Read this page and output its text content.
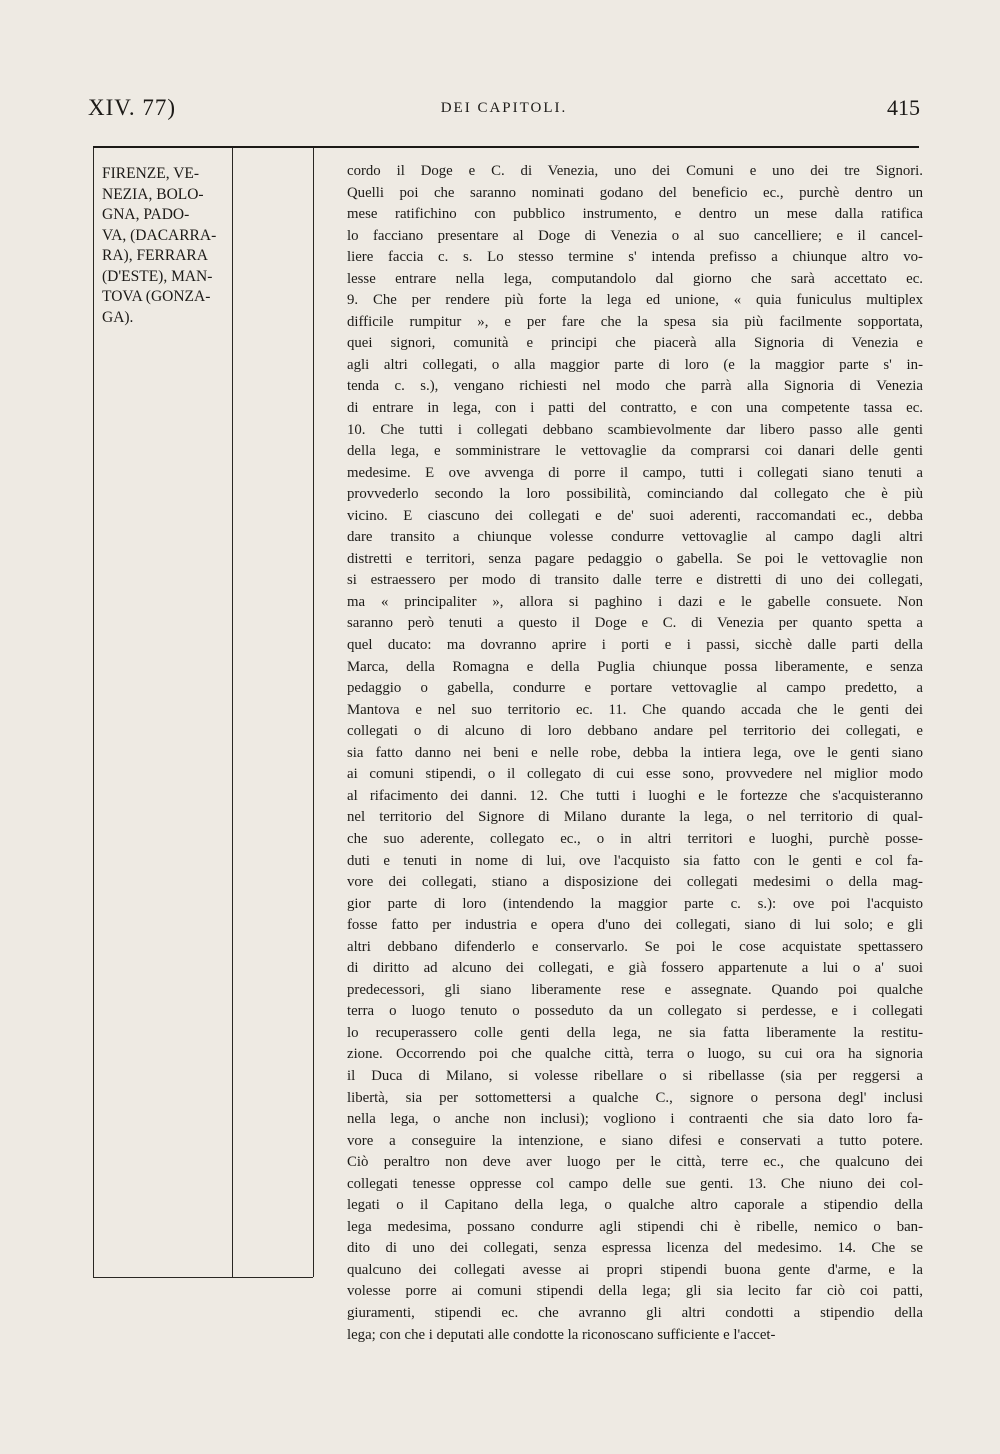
XIV. 77)	DEI CAPITOLI.	415

FIRENZE, VE-
NEZIA, BOLO-
GNA, PADO-
VA, (DACARRA-
RA), FERRARA
(D'ESTE), MAN-
TOVA (GONZA-
GA).

cordo il Doge e C. di Venezia, uno dei Comuni e uno dei tre Signori.
Quelli poi che saranno nominati godano del beneficio ec., purchè dentro un
mese ratifichino con pubblico instrumento, e dentro un mese dalla ratifica
lo facciano presentare al Doge di Venezia o al suo cancelliere; e il cancel-
liere faccia c. s. Lo stesso termine s' intenda prefisso a chiunque altro vo-
lesse entrare nella lega, computandolo dal giorno che sarà accettato ec.
9. Che per rendere più forte la lega ed unione, « quia funiculus multiplex
difficile rumpitur », e per fare che la spesa sia più facilmente sopportata,
quei signori, comunità e principi che piacerà alla Signoria di Venezia e
agli altri collegati, o alla maggior parte di loro (e la maggior parte s' in-
tenda c. s.), vengano richiesti nel modo che parrà alla Signoria di Venezia
di entrare in lega, con i patti del contratto, e con una competente tassa ec.
10. Che tutti i collegati debbano scambievolmente dar libero passo alle genti
della lega, e somministrare le vettovaglie da comprarsi coi danari delle genti
medesime. E ove avvenga di porre il campo, tutti i collegati siano tenuti a
provvederlo secondo la loro possibilità, cominciando dal collegato che è più
vicino. E ciascuno dei collegati e de' suoi aderenti, raccomandati ec., debba
dare transito a chiunque volesse condurre vettovaglie al campo dagli altri
distretti e territori, senza pagare pedaggio o gabella. Se poi le vettovaglie non
si estraessero per modo di transito dalle terre e distretti di uno dei collegati,
ma « principaliter », allora si paghino i dazi e le gabelle consuete. Non
saranno però tenuti a questo il Doge e C. di Venezia per quanto spetta a
quel ducato: ma dovranno aprire i porti e i passi, sicchè dalle parti della
Marca, della Romagna e della Puglia chiunque possa liberamente, e senza
pedaggio o gabella, condurre e portare vettovaglie al campo predetto, a
Mantova e nel suo territorio ec. 11. Che quando accada che le genti dei
collegati o di alcuno di loro debbano andare pel territorio dei collegati, e
sia fatto danno nei beni e nelle robe, debba la intiera lega, ove le genti siano
ai comuni stipendi, o il collegato di cui esse sono, provvedere nel miglior modo
al rifacimento dei danni. 12. Che tutti i luoghi e le fortezze che s'acquisteranno
nel territorio del Signore di Milano durante la lega, o nel territorio di qual-
che suo aderente, collegato ec., o in altri territori e luoghi, purchè posse-
duti e tenuti in nome di lui, ove l'acquisto sia fatto con le genti e col fa-
vore dei collegati, stiano a disposizione dei collegati medesimi o della mag-
gior parte di loro (intendendo la maggior parte c. s.): ove poi l'acquisto
fosse fatto per industria e opera d'uno dei collegati, siano di lui solo; e gli
altri debbano difenderlo e conservarlo. Se poi le cose acquistate spettassero
di diritto ad alcuno dei collegati, e già fossero appartenute a lui o a' suoi
predecessori, gli siano liberamente rese e assegnate. Quando poi qualche
terra o luogo tenuto o posseduto da un collegato si perdesse, e i collegati
lo recuperassero colle genti della lega, ne sia fatta liberamente la restitu-
zione. Occorrendo poi che qualche città, terra o luogo, su cui ora ha signoria
il Duca di Milano, si volesse ribellare o si ribellasse (sia per reggersi a
libertà, sia per sottomettersi a qualche C., signore o persona degl' inclusi
nella lega, o anche non inclusi); vogliono i contraenti che sia dato loro fa-
vore a conseguire la intenzione, e siano difesi e conservati a tutto potere.
Ciò peraltro non deve aver luogo per le città, terre ec., che qualcuno dei
collegati tenesse oppresse col campo delle sue genti. 13. Che niuno dei col-
legati o il Capitano della lega, o qualche altro caporale a stipendio della
lega medesima, possano condurre agli stipendi chi è ribelle, nemico o ban-
dito di uno dei collegati, senza espressa licenza del medesimo. 14. Che se
qualcuno dei collegati avesse ai propri stipendi buona gente d'arme, e la
volesse porre ai comuni stipendi della lega; gli sia lecito far ciò coi patti,
giuramenti, stipendi ec. che avranno gli altri condotti a stipendio della
lega; con che i deputati alle condotte la riconoscano sufficiente e l'accet-
